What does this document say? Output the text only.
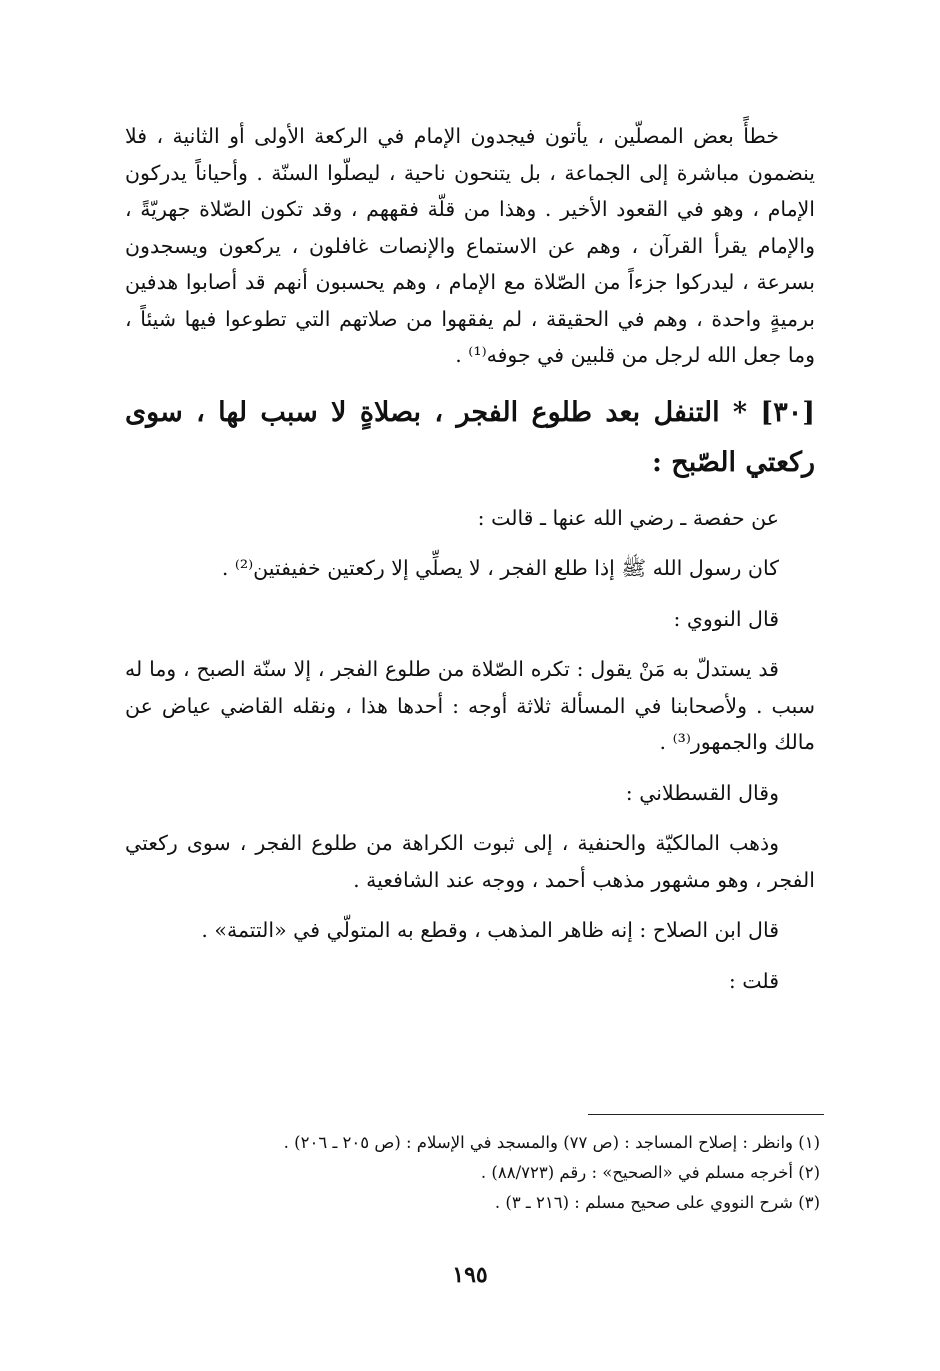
خطأً بعض المصلّين ، يأتون فيجدون الإمام في الركعة الأولى أو الثانية ، فلا ينضمون مباشرة إلى الجماعة ، بل يتنحون ناحية ، ليصلّوا السنّة . وأحياناً يدركون الإمام ، وهو في القعود الأخير . وهذا من قلّة فقههم ، وقد تكون الصّلاة جهريّةً ، والإمام يقرأ القرآن ، وهم عن الاستماع والإنصات غافلون ، يركعون ويسجدون بسرعة ، ليدركوا جزءاً من الصّلاة مع الإمام ، وهم يحسبون أنهم قد أصابوا هدفين برميةٍ واحدة ، وهم في الحقيقة ، لم يفقهوا من صلاتهم التي تطوعوا فيها شيئاً ، وما جعل الله لرجل من قلبين في جوفه⁽¹⁾ .

[٣٠] * التنفل بعد طلوع الفجر ، بصلاةٍ لا سبب لها ، سوى ركعتي الصّبح :

عن حفصة ـ رضي الله عنها ـ قالت :

كان رسول الله ﷺ إذا طلع الفجر ، لا يصلِّي إلا ركعتين خفيفتين⁽²⁾ .

قال النووي :

قد يستدلّ به مَنْ يقول : تكره الصّلاة من طلوع الفجر ، إلا سنّة الصبح ، وما له سبب . ولأصحابنا في المسألة ثلاثة أوجه : أحدها هذا ، ونقله القاضي عياض عن مالك والجمهور⁽³⁾ .

وقال القسطلاني :

وذهب المالكيّة والحنفية ، إلى ثبوت الكراهة من طلوع الفجر ، سوى ركعتي الفجر ، وهو مشهور مذهب أحمد ، ووجه عند الشافعية .

قال ابن الصلاح : إنه ظاهر المذهب ، وقطع به المتولّي في «التتمة» .

قلت :

(١) وانظر : إصلاح المساجد : (ص ٧٧) والمسجد في الإسلام : (ص ٢٠٥ ـ ٢٠٦) .

(٢) أخرجه مسلم في «الصحيح» : رقم (٨٨/٧٢٣) .

(٣) شرح النووي على صحيح مسلم : (٢١٦ ـ ٣) .

١٩٥
